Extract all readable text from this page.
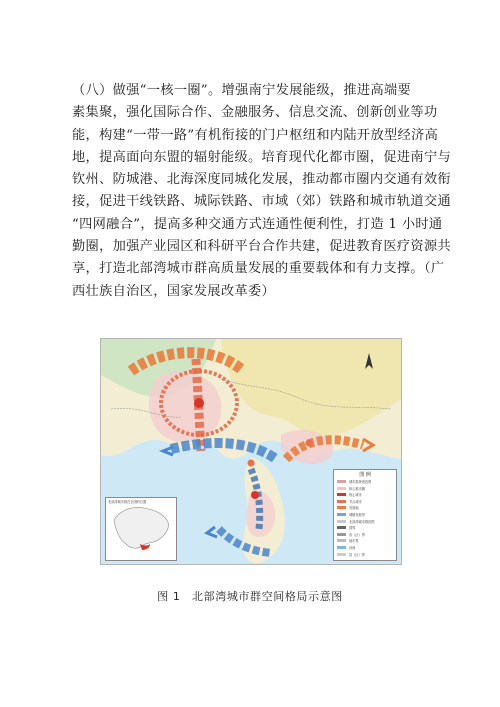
（八）做强“一核一圈”。增强南宁发展能级，推进高端要
素集聚，强化国际合作、金融服务、信息交流、创新创业等功
能，构建“一带一路”有机衔接的门户枢纽和内陆开放型经济高
地，提高面向东盟的辐射能级。培育现代化都市圈，促进南宁与
钦州、防城港、北海深度同城化发展，推动都市圈内交通有效衔
接，促进干线铁路、城际铁路、市域（郊）铁路和城市轨道交通
“四网融合”，提高多种交通方式连通性便利性，打造 1 小时通
勤圈，加强产业园区和科研平台合作共建，促进教育医疗资源共
享，打造北部湾城市群高质量发展的重要载体和有力支撑。（广
西壮族自治区，国家发展改革委）
北部湾城市群在全国的位置
图 例
城市群规划范围
核心都市圈
核心城市
节点城市
发展轴
城镇发展带
北部湾城市群范围
国界
省（区）界
地市界
河流
县（区）界
图 1　北部湾城市群空间格局示意图
